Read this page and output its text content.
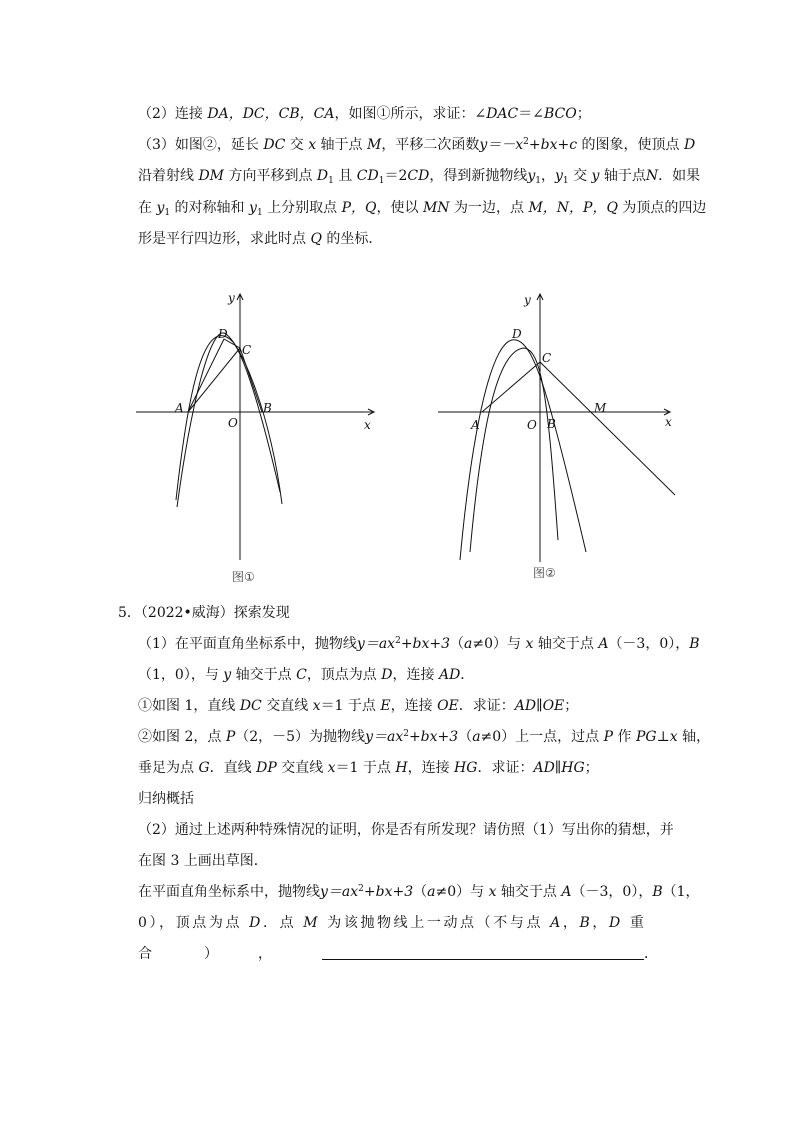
（2）连接 DA，DC，CB，CA，如图①所示，求证：∠DAC＝∠BCO；
（3）如图②，延长 DC 交 x 轴于点 M，平移二次函数$y=-x^2+bx+c$ 的图象，使顶点 D
沿着射线 DM 方向平移到点 $D_1$ 且 $CD_1=2CD$，得到新抛物线$y_1$，$y_1$ 交 y 轴于点N．如果
在 $y_1$ 的对称轴和 $y_1$ 上分别取点 P，Q，使以 MN 为一边，点 M，N，P，Q 为顶点的四边
形是平行四边形，求此时点 Q 的坐标．
y
x
D
C
A	B
O
图①
y
x
D
C
A	B
O
M
图②
5．（2022•威海）探索发现
（1）在平面直角坐标系中，抛物线$y=ax^2+bx+3(a\ne 0)$与 x 轴交于点 A（－3，0），B
（1，0），与 y 轴交于点 C，顶点为点 D，连接 AD．
①如图 1，直线 DC 交直线 x＝1 于点 E，连接 OE．求证：AD∥OE；
②如图 2，点 P（2，－5）为抛物线$y=ax^2+bx+3(a\ne 0)$上一点，过点 P 作 PG⊥x 轴，
垂足为点 G．直线 DP 交直线 x＝1 于点 H，连接 HG．求证：AD∥HG；
归纳概括
（2）通过上述两种特殊情况的证明，你是否有所发现？请仿照（1）写出你的猜想，并
在图 3 上画出草图．
在平面直角坐标系中，抛物线$y=ax^2+bx+3(a\ne 0)$与 x 轴交于点 A（－3，0），B（1，
0），顶点为点 D．点 M 为该抛物线上一动点（不与点 A，B，D 重
合	）	，	．
